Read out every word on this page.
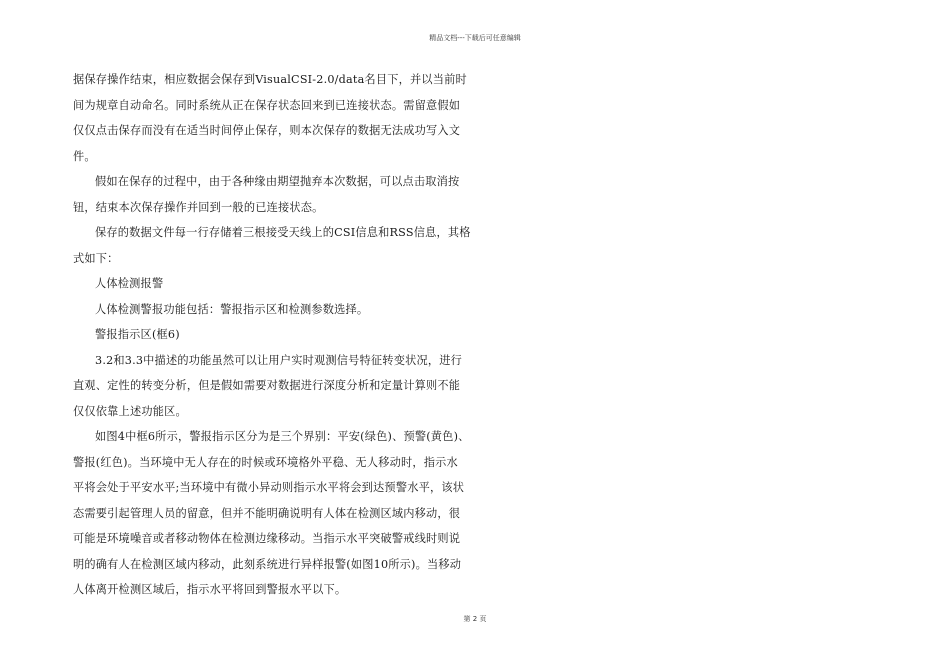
精品文档---下载后可任意编辑
据保存操作结束，相应数据会保存到VisualCSI-2.0/data名目下，并以当前时
间为规章自动命名。同时系统从正在保存状态回来到已连接状态。需留意假如
仅仅点击保存而没有在适当时间停止保存，则本次保存的数据无法成功写入文
件。
假如在保存的过程中，由于各种缘由期望抛弃本次数据，可以点击取消按
钮，结束本次保存操作并回到一般的已连接状态。
保存的数据文件每一行存储着三根接受天线上的CSI信息和RSS信息，其格
式如下：
人体检测报警
人体检测警报功能包括：警报指示区和检测参数选择。
警报指示区(框6)
3.2和3.3中描述的功能虽然可以让用户实时观测信号特征转变状况，进行
直观、定性的转变分析，但是假如需要对数据进行深度分析和定量计算则不能
仅仅依靠上述功能区。
如图4中框6所示，警报指示区分为是三个界别：平安(绿色)、预警(黄色)、
警报(红色)。当环境中无人存在的时候或环境格外平稳、无人移动时，指示水
平将会处于平安水平;当环境中有微小异动则指示水平将会到达预警水平，该状
态需要引起管理人员的留意，但并不能明确说明有人体在检测区域内移动，很
可能是环境噪音或者移动物体在检测边缘移动。当指示水平突破警戒线时则说
明的确有人在检测区域内移动，此刻系统进行异样报警(如图10所示)。当移动
人体离开检测区域后，指示水平将回到警报水平以下。
第 2 页
